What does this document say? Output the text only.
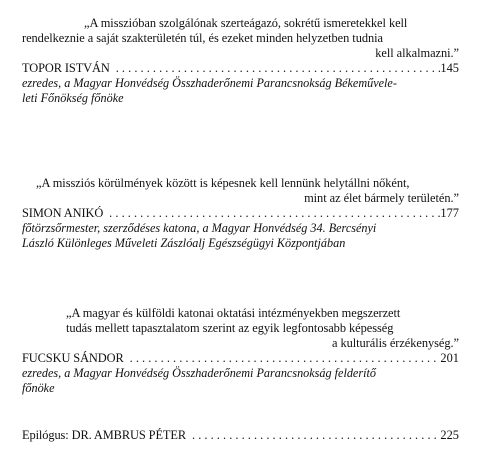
„A misszióban szolgálónak szerteágazó, sokrétű ismeretekkel kell
rendelkeznie a saját szakterületén túl, és ezeket minden helyzetben tudnia
kell alkalmazni.”
TOPOR ISTVÁN . . .	145
ezredes, a Magyar Honvédség Összhaderőnemi Parancsnokság Békeművele-
leti Főnökség főnöke
„A missziós körülmények között is képesnek kell lennünk helytállni nőként,
mint az élet bármely területén.”
SIMON ANIKÓ . . .	177
főtörzsőrmester, szerződéses katona, a Magyar Honvédség 34. Bercsényi
László Különleges Műveleti Zászlóalj Egészségügyi Központjában
„A magyar és külföldi katonai oktatási intézményekben megszerzett
tudás mellett tapasztalatom szerint az egyik legfontosabb képesség
a kulturális érzékenység.”
FUCSKU SÁNDOR . . .	201
ezredes, a Magyar Honvédség Összhaderőnemi Parancsnokság felderítő
főnöke
Epilógus: DR. AMBRUS PÉTER . . .	225
